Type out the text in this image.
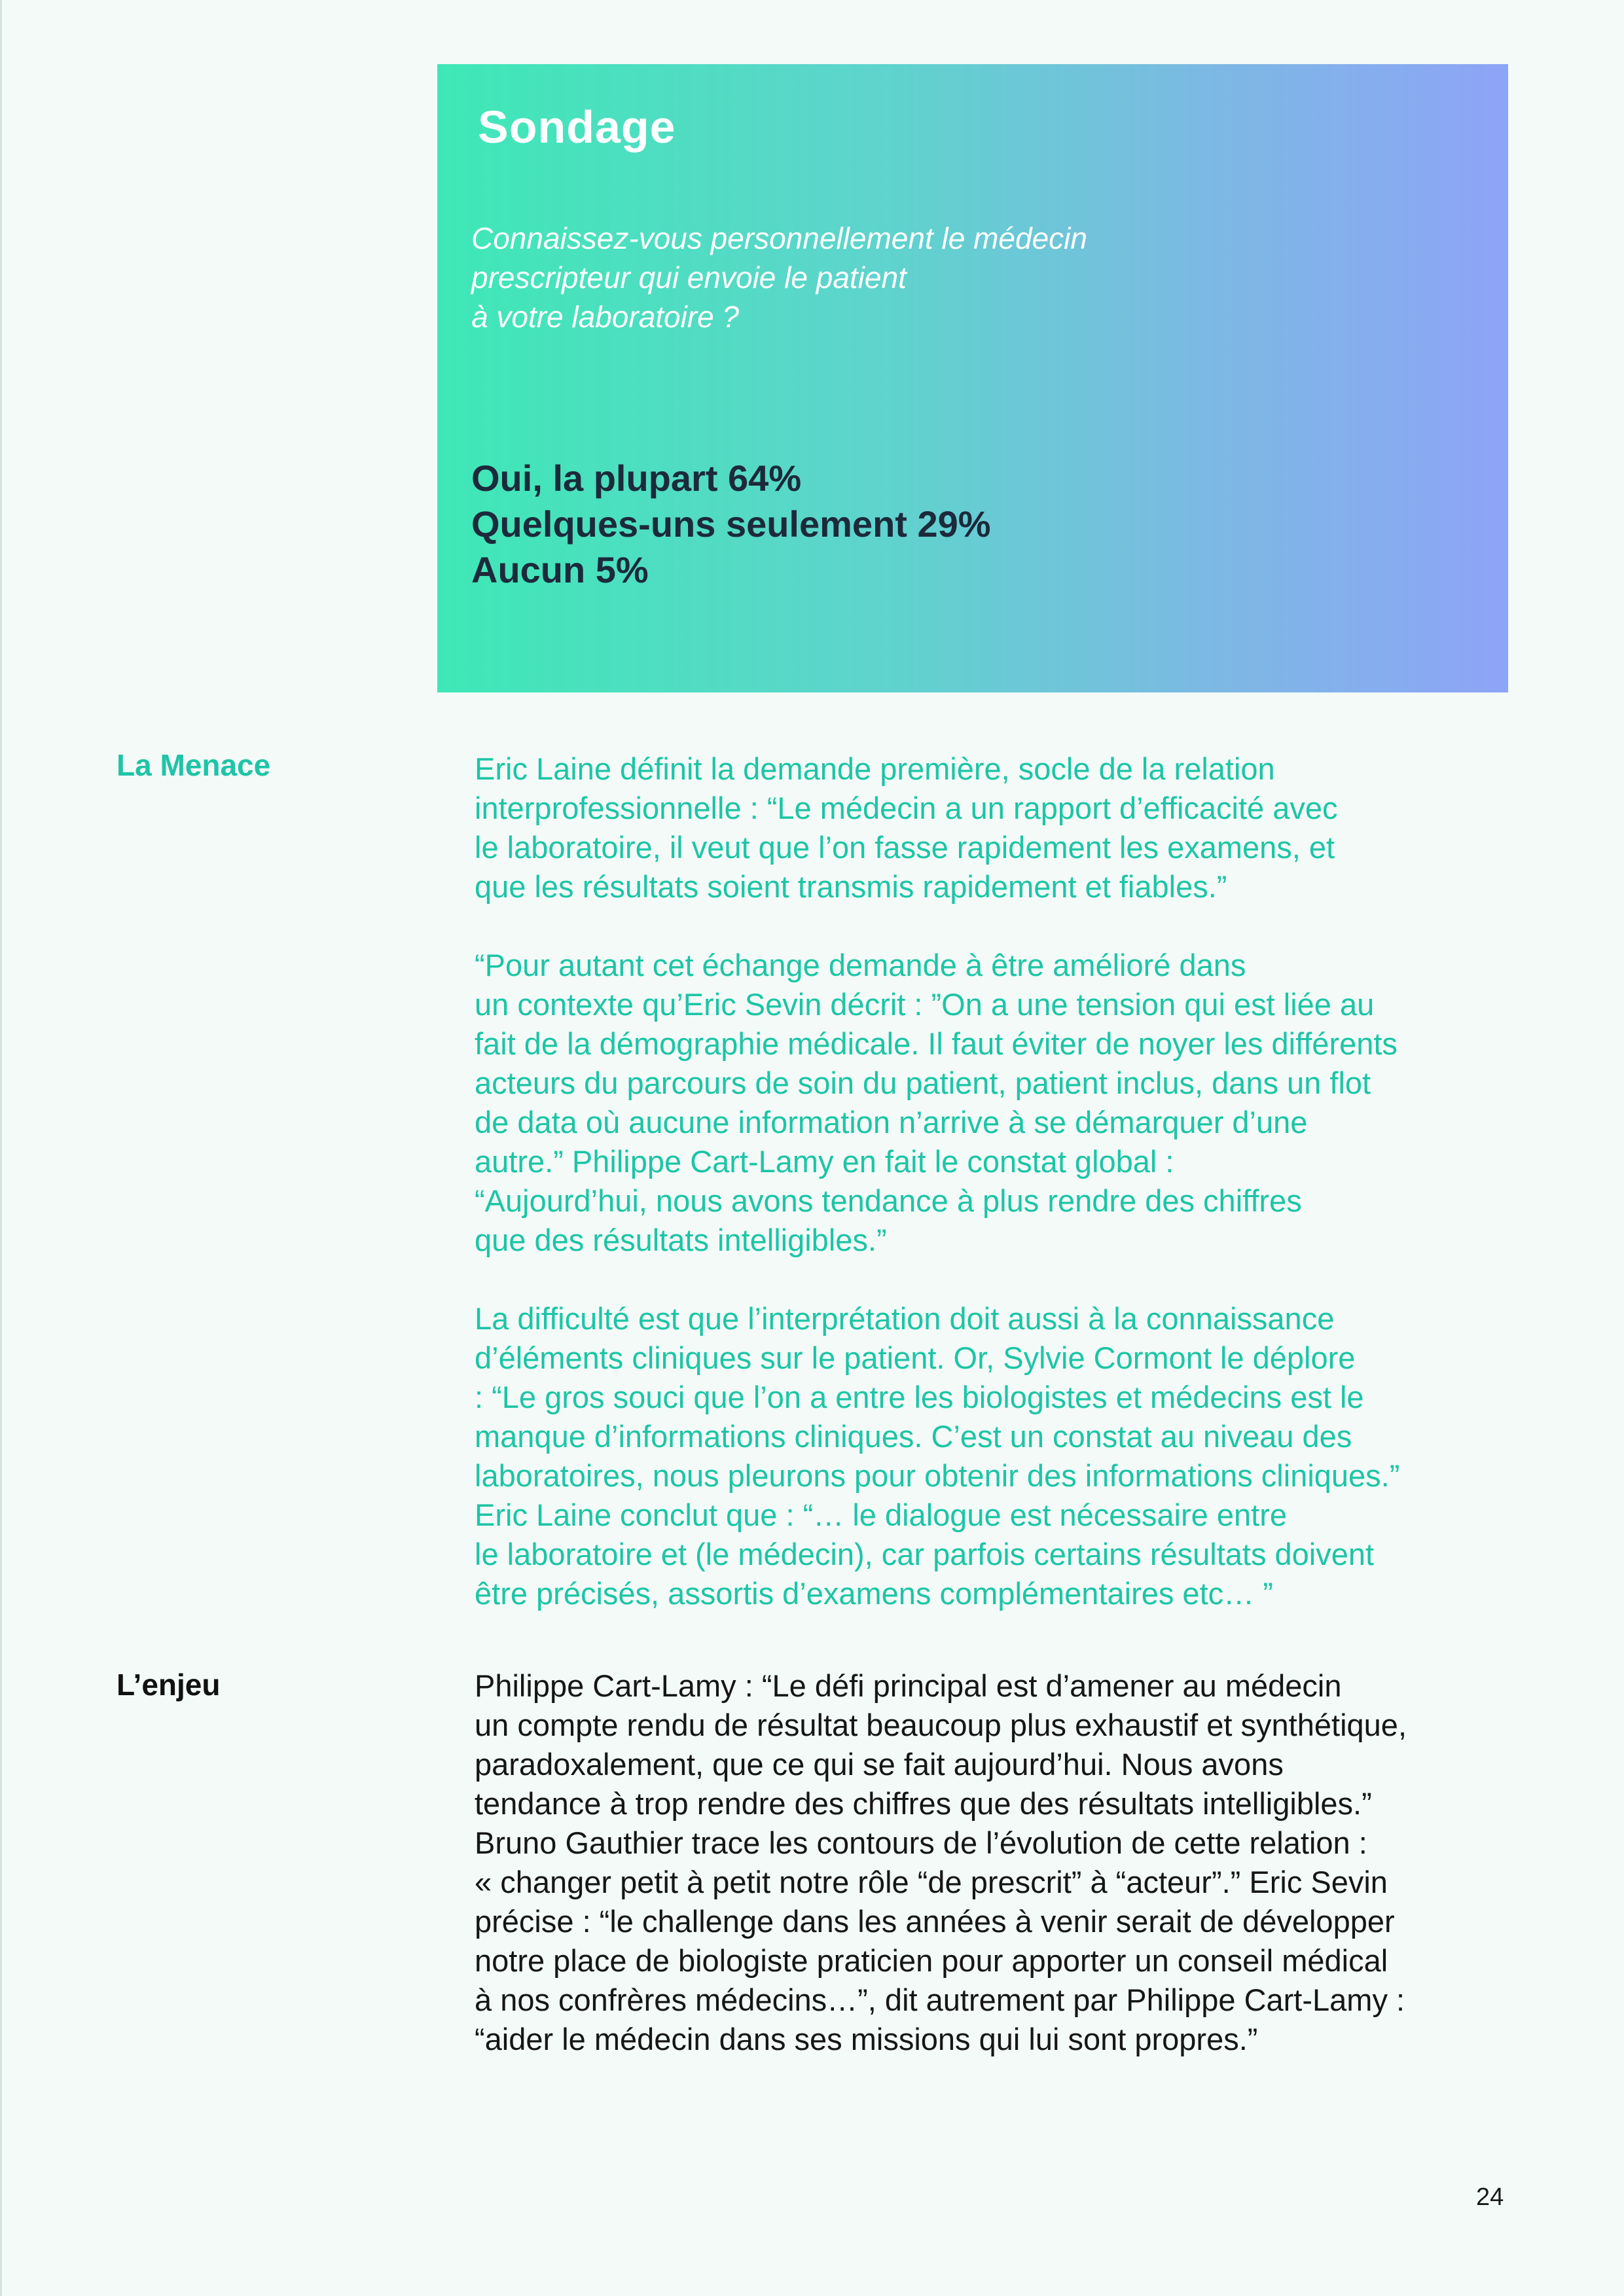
Sondage

Connaissez-vous personnellement le médecin
prescripteur qui envoie le patient
à votre laboratoire ?

Oui, la plupart 64%
Quelques-uns seulement 29%
Aucun 5%
La Menace	Eric Laine définit la demande première, socle de la relation
interprofessionnelle : “Le médecin a un rapport d’efficacité avec
le laboratoire, il veut que l’on fasse rapidement les examens, et
que les résultats soient transmis rapidement et fiables.”

“Pour autant cet échange demande à être amélioré dans
un contexte qu’Eric Sevin décrit : ”On a une tension qui est liée au
fait de la démographie médicale. Il faut éviter de noyer les différents
acteurs du parcours de soin du patient, patient inclus, dans un flot
de data où aucune information n’arrive à se démarquer d’une
autre.” Philippe Cart-Lamy en fait le constat global :
“Aujourd’hui, nous avons tendance à plus rendre des chiffres
que des résultats intelligibles.”

La difficulté est que l’interprétation doit aussi à la connaissance
d’éléments cliniques sur le patient. Or, Sylvie Cormont le déplore
: “Le gros souci que l’on a entre les biologistes et médecins est le
manque d’informations cliniques. C’est un constat au niveau des
laboratoires, nous pleurons pour obtenir des informations cliniques.”
Eric Laine conclut que : “… le dialogue est nécessaire entre
le laboratoire et (le médecin), car parfois certains résultats doivent
être précisés, assortis d’examens complémentaires etc… ”

L’enjeu	Philippe Cart-Lamy : “Le défi principal est d’amener au médecin
un compte rendu de résultat beaucoup plus exhaustif et synthétique,
paradoxalement, que ce qui se fait aujourd’hui. Nous avons
tendance à trop rendre des chiffres que des résultats intelligibles.”
Bruno Gauthier trace les contours de l’évolution de cette relation :
« changer petit à petit notre rôle “de prescrit” à “acteur”.” Eric Sevin
précise : “le challenge dans les années à venir serait de développer
notre place de biologiste praticien pour apporter un conseil médical
à nos confrères médecins…”, dit autrement par Philippe Cart-Lamy :
“aider le médecin dans ses missions qui lui sont propres.”

24
